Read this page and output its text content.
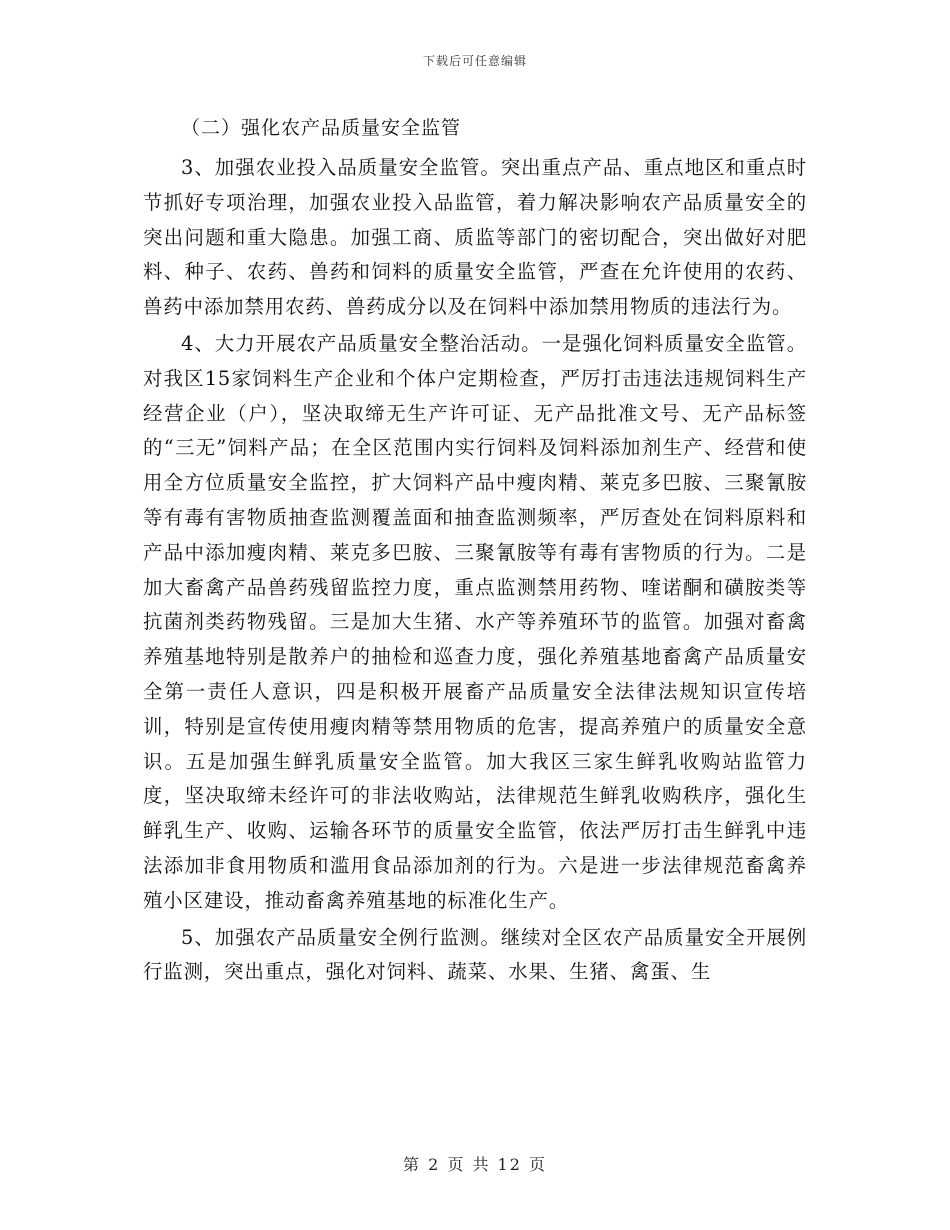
下载后可任意编辑

（二）强化农产品质量安全监管

3、加强农业投入品质量安全监管。突出重点产品、重点地区和重点时节抓好专项治理，加强农业投入品监管，着力解决影响农产品质量安全的突出问题和重大隐患。加强工商、质监等部门的密切配合，突出做好对肥料、种子、农药、兽药和饲料的质量安全监管，严查在允许使用的农药、兽药中添加禁用农药、兽药成分以及在饲料中添加禁用物质的违法行为。

4、大力开展农产品质量安全整治活动。一是强化饲料质量安全监管。对我区15家饲料生产企业和个体户定期检查，严厉打击违法违规饲料生产经营企业（户），坚决取缔无生产许可证、无产品批准文号、无产品标签的“三无”饲料产品；在全区范围内实行饲料及饲料添加剂生产、经营和使用全方位质量安全监控，扩大饲料产品中瘦肉精、莱克多巴胺、三聚氰胺等有毒有害物质抽查监测覆盖面和抽查监测频率，严厉查处在饲料原料和产品中添加瘦肉精、莱克多巴胺、三聚氰胺等有毒有害物质的行为。二是加大畜禽产品兽药残留监控力度，重点监测禁用药物、喹诺酮和磺胺类等抗菌剂类药物残留。三是加大生猪、水产等养殖环节的监管。加强对畜禽养殖基地特别是散养户的抽检和巡查力度，强化养殖基地畜禽产品质量安全第一责任人意识，四是积极开展畜产品质量安全法律法规知识宣传培训，特别是宣传使用瘦肉精等禁用物质的危害，提高养殖户的质量安全意识。五是加强生鲜乳质量安全监管。加大我区三家生鲜乳收购站监管力度，坚决取缔未经许可的非法收购站，法律规范生鲜乳收购秩序，强化生鲜乳生产、收购、运输各环节的质量安全监管，依法严厉打击生鲜乳中违法添加非食用物质和滥用食品添加剂的行为。六是进一步法律规范畜禽养殖小区建设，推动畜禽养殖基地的标准化生产。

5、加强农产品质量安全例行监测。继续对全区农产品质量安全开展例行监测，突出重点，强化对饲料、蔬菜、水果、生猪、禽蛋、生

第 2 页 共 12 页
